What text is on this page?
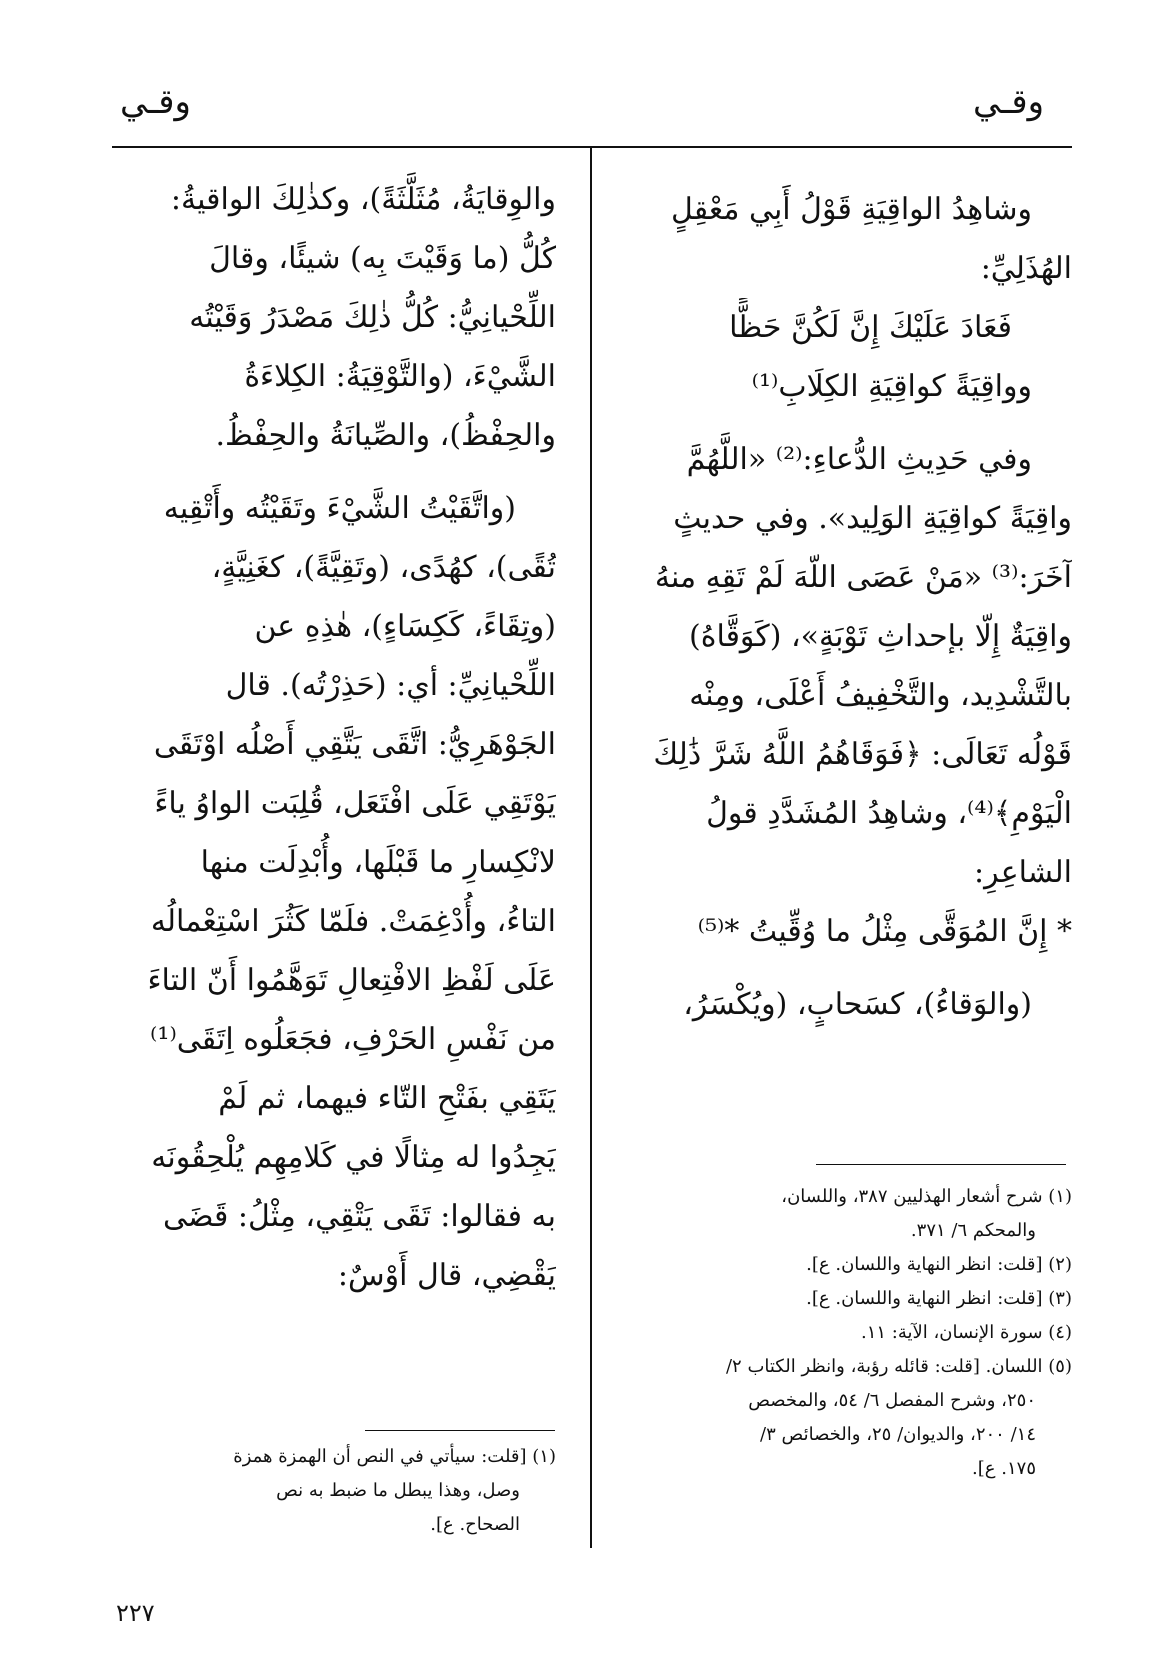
وقـي
وقـي
وشاهِدُ الواقِيَةِ قَوْلُ أَبِي مَعْقِلٍ
الهُذَلِيِّ:
فَعَادَ عَلَيْكَ إِنَّ لَكُنَّ حَظًّا
وواقِيَةً كواقِيَةِ الكِلَابِ⁽¹⁾
وفي حَدِيثِ الدُّعاءِ:⁽²⁾ «اللَّهُمَّ
واقِيَةً كواقِيَةِ الوَلِيد». وفي حديثٍ
آخَرَ:⁽³⁾ «مَنْ عَصَى اللّهَ لَمْ تَقِهِ منهُ
واقِيَةٌ إِلّا بإحداثِ تَوْبَةٍ»، (كَوَقَّاهُ)
بالتَّشْدِيد، والتَّخْفِيفُ أَعْلَى، ومِنْه
قَوْلُه تَعَالَى: ﴿فَوَقَاهُمُ اللَّهُ شَرَّ ذَٰلِكَ
الْيَوْمِ﴾⁽⁴⁾، وشاهِدُ المُشَدَّدِ قولُ
الشاعِرِ:
* إِنَّ المُوَقَّى مِثْلُ ما وُقِّيتُ *⁽⁵⁾
(والوَقاءُ)، كسَحابٍ، (ويُكْسَرُ،
والوِقايَةُ، مُثَلَّثَةً)، وكذٰلِكَ الواقيةُ:
كُلُّ (ما وَقَيْتَ بِه) شيئًا، وقالَ
اللِّحْيانِيُّ: كُلُّ ذٰلِكَ مَصْدَرُ وَقَيْتُه
الشَّيْءَ، (والتَّوْقِيَةُ: الكِلاءَةُ
والحِفْظُ)، والصِّيانَةُ والحِفْظُ.
(واتَّقَيْتُ الشَّيْءَ وتَقَيْتُه وأَتْقِيه
تُقًى)، كهُدًى، (وتَقِيَّةً)، كغَنِيَّةٍ،
(وتِقَاءً، كَكِسَاءٍ)، هٰذِهِ عن
اللِّحْيانِيِّ: أي: (حَذِرْتُه). قال
الجَوْهَرِيُّ: اتَّقَى يَتَّقِي أَصْلُه اوْتَقَى
يَوْتَقِي عَلَى افْتَعَل، قُلِبَت الواوُ ياءً
لانْكِسارِ ما قَبْلَها، وأُبْدِلَت منها
التاءُ، وأُدْغِمَتْ. فلَمّا كَثُرَ اسْتِعْمالُه
عَلَى لَفْظِ الافْتِعالِ تَوَهَّمُوا أَنّ التاءَ
من نَفْسِ الحَرْفِ، فجَعَلُوه اِتَقَى⁽¹⁾
يَتَقِي بفَتْحِ التّاء فيهما، ثم لَمْ
يَجِدُوا له مِثالًا في كَلامِهِم يُلْحِقُونَه
به فقالوا: تَقَى يَتْقِي، مِثْلُ: قَضَى
يَقْضِي، قال أَوْسٌ:
(١) شرح أشعار الهذليين ٣٨٧، واللسان،
والمحكم ٦/ ٣٧١.
(٢) [قلت: انظر النهاية واللسان. ع].
(٣) [قلت: انظر النهاية واللسان. ع].
(٤) سورة الإنسان، الآية: ١١.
(٥) اللسان. [قلت: قائله رؤبة، وانظر الكتاب ٢/
٢٥٠، وشرح المفصل ٦/ ٥٤، والمخصص
١٤/ ٢٠٠، والديوان/ ٢٥، والخصائص ٣/
١٧٥. ع].
(١) [قلت: سيأتي في النص أن الهمزة همزة
وصل، وهذا يبطل ما ضبط به نص
الصحاح. ع].
٢٢٧
